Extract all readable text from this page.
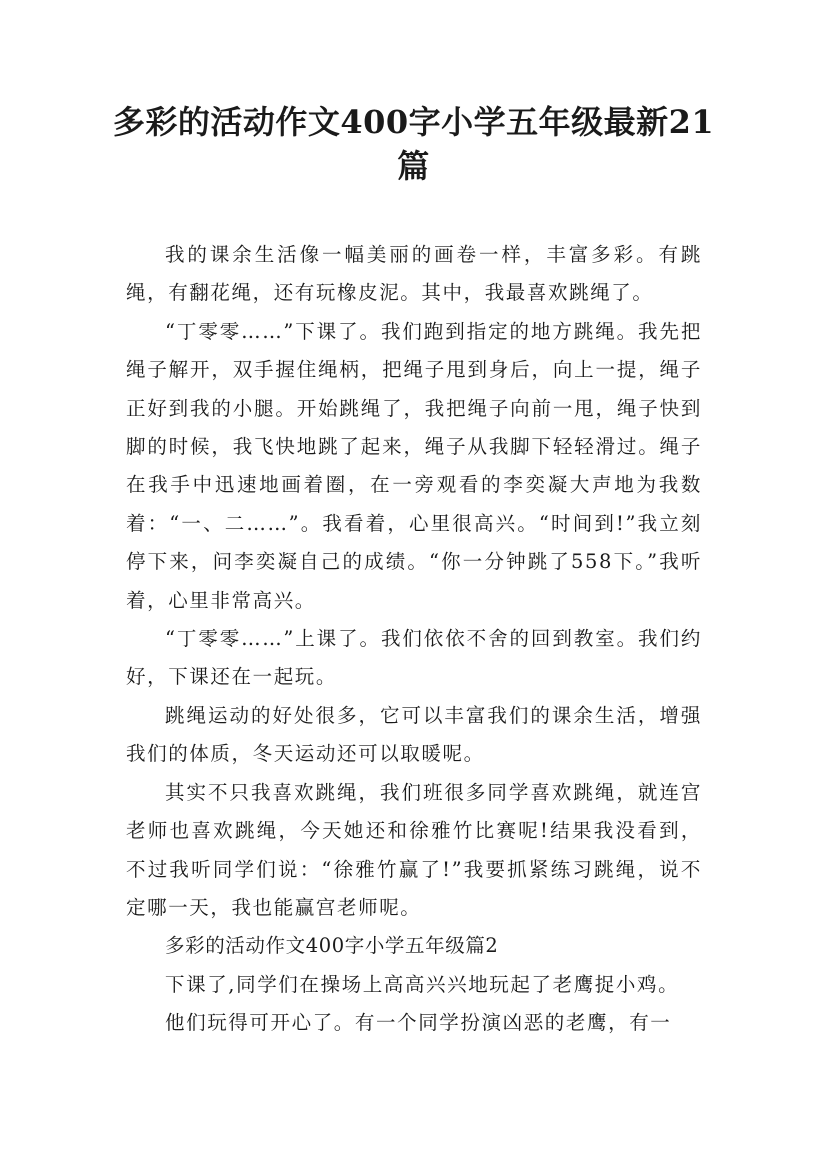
多彩的活动作文400字小学五年级最新21篇

我的课余生活像一幅美丽的画卷一样，丰富多彩。有跳绳，有翻花绳，还有玩橡皮泥。其中，我最喜欢跳绳了。

“丁零零……”下课了。我们跑到指定的地方跳绳。我先把绳子解开，双手握住绳柄，把绳子甩到身后，向上一提，绳子正好到我的小腿。开始跳绳了，我把绳子向前一甩，绳子快到脚的时候，我飞快地跳了起来，绳子从我脚下轻轻滑过。绳子在我手中迅速地画着圈，在一旁观看的李奕凝大声地为我数着：“一、二……”。我看着，心里很高兴。“时间到!”我立刻停下来，问李奕凝自己的成绩。“你一分钟跳了558下。”我听着，心里非常高兴。

“丁零零……”上课了。我们依依不舍的回到教室。我们约好，下课还在一起玩。

跳绳运动的好处很多，它可以丰富我们的课余生活，增强我们的体质，冬天运动还可以取暖呢。

其实不只我喜欢跳绳，我们班很多同学喜欢跳绳，就连宫老师也喜欢跳绳，今天她还和徐雅竹比赛呢!结果我没看到，不过我听同学们说：“徐雅竹赢了!”我要抓紧练习跳绳，说不定哪一天，我也能赢宫老师呢。

多彩的活动作文400字小学五年级篇2

下课了,同学们在操场上高高兴兴地玩起了老鹰捉小鸡。

他们玩得可开心了。有一个同学扮演凶恶的老鹰，有一
